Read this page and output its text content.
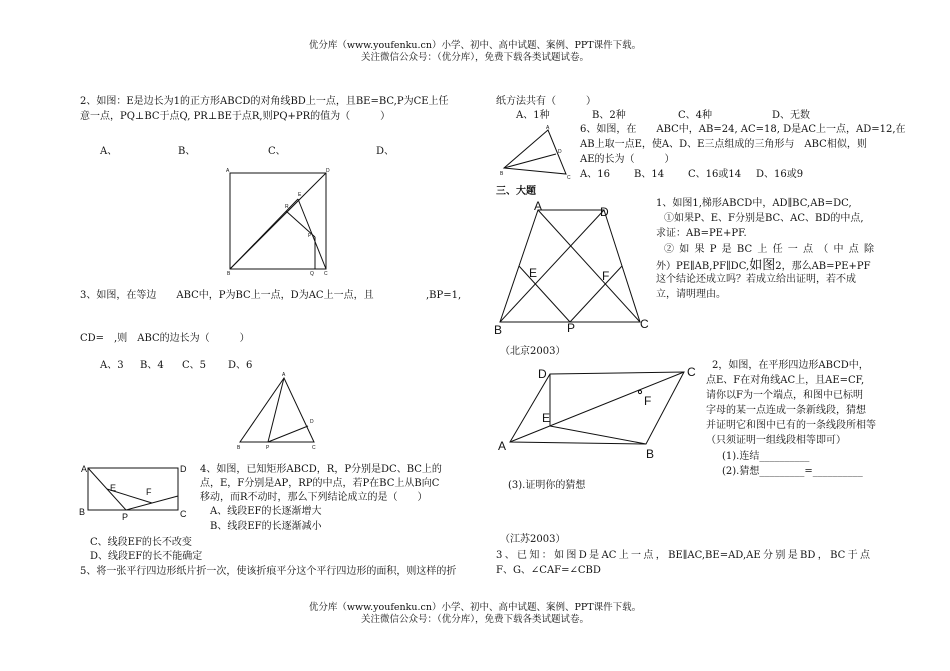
优分库（www.youfenku.cn）小学、初中、高中试题、案例、PPT课件下载。
关注微信公众号：（优分库），免费下载各类试题试卷。
2、如图：E是边长为1的正方形ABCD的对角线BD上一点，且BE=BC,P为CE上任
意一点，PQ⊥BC于点Q, PR⊥BE于点R,则PQ+PR的值为（　　　）
A、	B、	C、	D、
A	D
E
R
P
B	Q C
3、如图，在等边　　ABC中，P为BC上一点，D为AC上一点，且	,BP=1,
CD=　,则　ABC的边长为（　　　）
A、3 B、4 C、5 D、6
A
B	P	C
D
A	D
E	F
B	P	C
4、如图，已知矩形ABCD，R，P分别是DC、BC上的
点，E，F分别是AP，RP的中点，若P在BC上从B向C
移动，而R不动时，那么下列结论成立的是（　　）
A、线段EF的长逐渐增大
B、线段EF的长逐渐减小
C、线段EF的长不改变
D、线段EF的长不能确定
5、将一张平行四边形纸片折一次，使该折痕平分这个平行四边形的面积，则这样的折
纸方法共有（　　　）
A、1种	B、2种	C、4种	D、无数
A
B
D
C
6、如图，在　　ABC中，AB=24, AC=18, D是AC上一点，AD=12,在
AB上取一点E，使A、D、E三点组成的三角形与　ABC相似，则
AE的长为（　　　）
A、16 B、14 C、16或14 D、16或9
三、大题
A	D
E	F
B	P	C
1、如图1,梯形ABCD中，AD∥BC,AB=DC,
①如果P、E、F分别是BC、AC、BD的中点,
求证：AB=PE+PF.
②如果P是BC上任一点（中点除
外）PE∥AB,PF∥DC,如图2，那么AB=PE+PF
这个结论还成立吗？若成立给出证明，若不成
立，请明理由。
（北京2003）
D	C
F
E
A
B
2，如图，在平形四边形ABCD中，
点E、F在对角线AC上，且AE=CF,
请你以F为一个端点，和图中已标明
字母的某一点连成一条新线段，猜想
并证明它和图中已有的一条线段所相等
（只须证明一组线段相等即可）
(1).连结__________
(2).猜想_________=__________
(3).证明你的猜想
（江苏2003）
3、已知：如图D是AC上一点，BE∥AC,BE=AD,AE分别是BD，BC于点
F、G、∠CAF=∠CBD
优分库（www.youfenku.cn）小学、初中、高中试题、案例、PPT课件下载。
关注微信公众号：（优分库），免费下载各类试题试卷。
